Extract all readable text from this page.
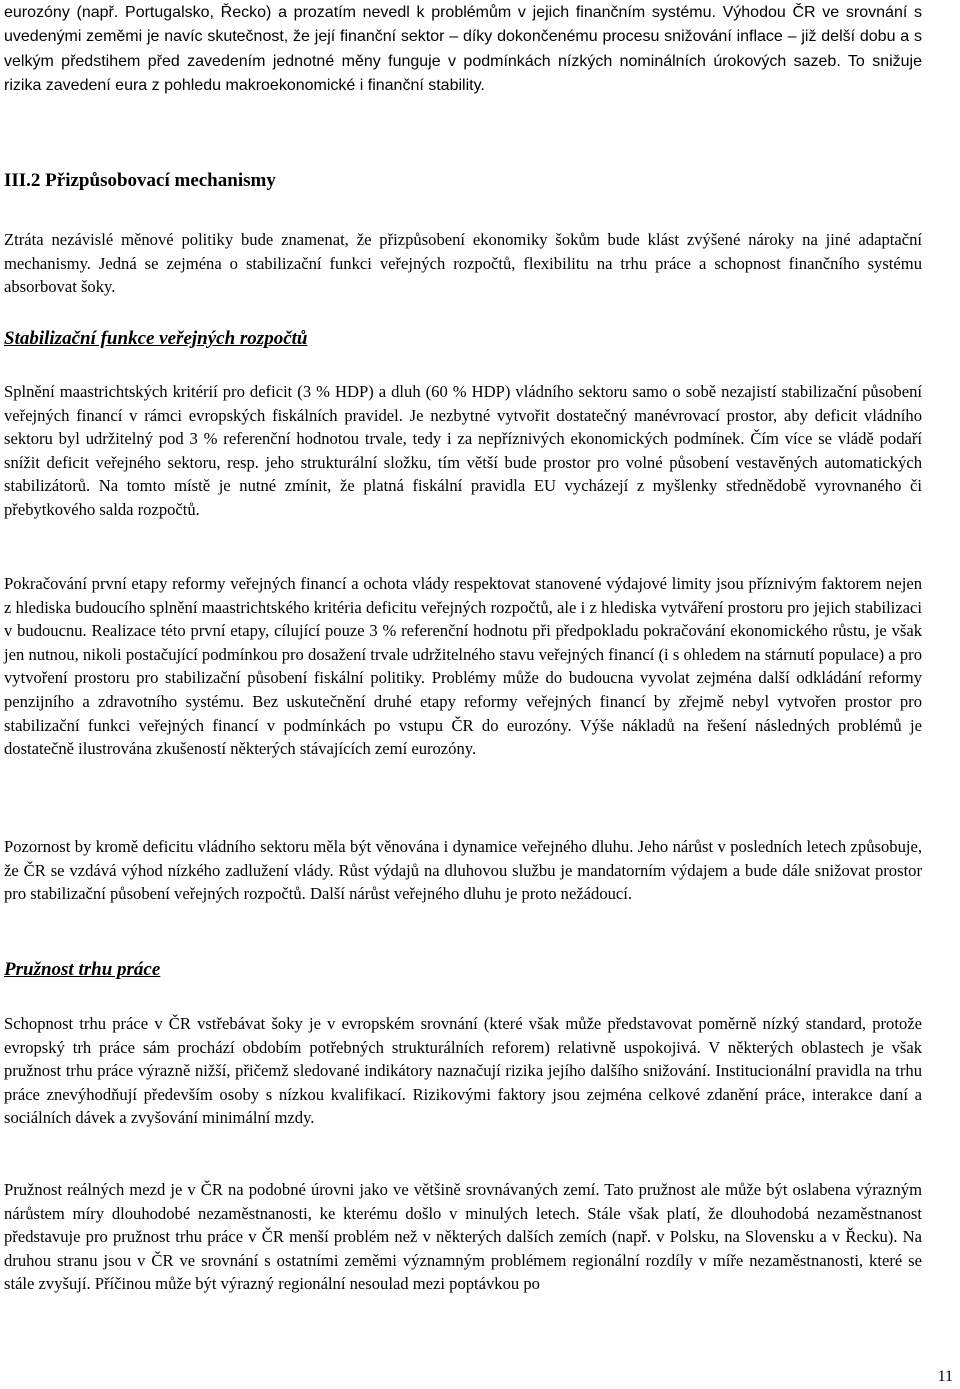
eurozóny (např. Portugalsko, Řecko) a prozatím nevedl k problémům v jejich finančním systému. Výhodou ČR ve srovnání s uvedenými zeměmi je navíc skutečnost, že její finanční sektor – díky dokončenému procesu snižování inflace – již delší dobu a s velkým předstihem před zavedením jednotné měny funguje v podmínkách nízkých nominálních úrokových sazeb. To snižuje rizika zavedení eura z pohledu makroekonomické i finanční stability.

III.2 Přizpůsobovací mechanismy

Ztráta nezávislé měnové politiky bude znamenat, že přizpůsobení ekonomiky šokům bude klást zvýšené nároky na jiné adaptační mechanismy. Jedná se zejména o stabilizační funkci veřejných rozpočtů, flexibilitu na trhu práce a schopnost finančního systému absorbovat šoky.

Stabilizační funkce veřejných rozpočtů

Splnění maastrichtských kritérií pro deficit (3 % HDP) a dluh (60 % HDP) vládního sektoru samo o sobě nezajistí stabilizační působení veřejných financí v rámci evropských fiskálních pravidel. Je nezbytné vytvořit dostatečný manévrovací prostor, aby deficit vládního sektoru byl udržitelný pod 3 % referenční hodnotou trvale, tedy i za nepříznivých ekonomických podmínek. Čím více se vládě podaří snížit deficit veřejného sektoru, resp. jeho strukturální složku, tím větší bude prostor pro volné působení vestavěných automatických stabilizátorů. Na tomto místě je nutné zmínit, že platná fiskální pravidla EU vycházejí z myšlenky střednědobě vyrovnaného či přebytkového salda rozpočtů.

Pokračování první etapy reformy veřejných financí a ochota vlády respektovat stanovené výdajové limity jsou příznivým faktorem nejen z hlediska budoucího splnění maastrichtského kritéria deficitu veřejných rozpočtů, ale i z hlediska vytváření prostoru pro jejich stabilizaci v budoucnu. Realizace této první etapy, cílující pouze 3 % referenční hodnotu při předpokladu pokračování ekonomického růstu, je však jen nutnou, nikoli postačující podmínkou pro dosažení trvale udržitelného stavu veřejných financí (i s ohledem na stárnutí populace) a pro vytvoření prostoru pro stabilizační působení fiskální politiky. Problémy může do budoucna vyvolat zejména další odkládání reformy penzijního a zdravotního systému. Bez uskutečnění druhé etapy reformy veřejných financí by zřejmě nebyl vytvořen prostor pro stabilizační funkci veřejných financí v podmínkách po vstupu ČR do eurozóny. Výše nákladů na řešení následných problémů je dostatečně ilustrována zkušeností některých stávajících zemí eurozóny.

Pozornost by kromě deficitu vládního sektoru měla být věnována i dynamice veřejného dluhu. Jeho nárůst v posledních letech způsobuje, že ČR se vzdává výhod nízkého zadlužení vlády. Růst výdajů na dluhovou službu je mandatorním výdajem a bude dále snižovat prostor pro stabilizační působení veřejných rozpočtů. Další nárůst veřejného dluhu je proto nežádoucí.

Pružnost trhu práce

Schopnost trhu práce v ČR vstřebávat šoky je v evropském srovnání (které však může představovat poměrně nízký standard, protože evropský trh práce sám prochází obdobím potřebných strukturálních reforem) relativně uspokojivá. V některých oblastech je však pružnost trhu práce výrazně nižší, přičemž sledované indikátory naznačují rizika jejího dalšího snižování. Institucionální pravidla na trhu práce znevýhodňují především osoby s nízkou kvalifikací. Rizikovými faktory jsou zejména celkové zdanění práce, interakce daní a sociálních dávek a zvyšování minimální mzdy.

Pružnost reálných mezd je v ČR na podobné úrovni jako ve většině srovnávaných zemí. Tato pružnost ale může být oslabena výrazným nárůstem míry dlouhodobé nezaměstnanosti, ke kterému došlo v minulých letech. Stále však platí, že dlouhodobá nezaměstnanost představuje pro pružnost trhu práce v ČR menší problém než v některých dalších zemích (např. v Polsku, na Slovensku a v Řecku). Na druhou stranu jsou v ČR ve srovnání s ostatními zeměmi významným problémem regionální rozdíly v míře nezaměstnanosti, které se stále zvyšují. Příčinou může být výrazný regionální nesoulad mezi poptávkou po

11
